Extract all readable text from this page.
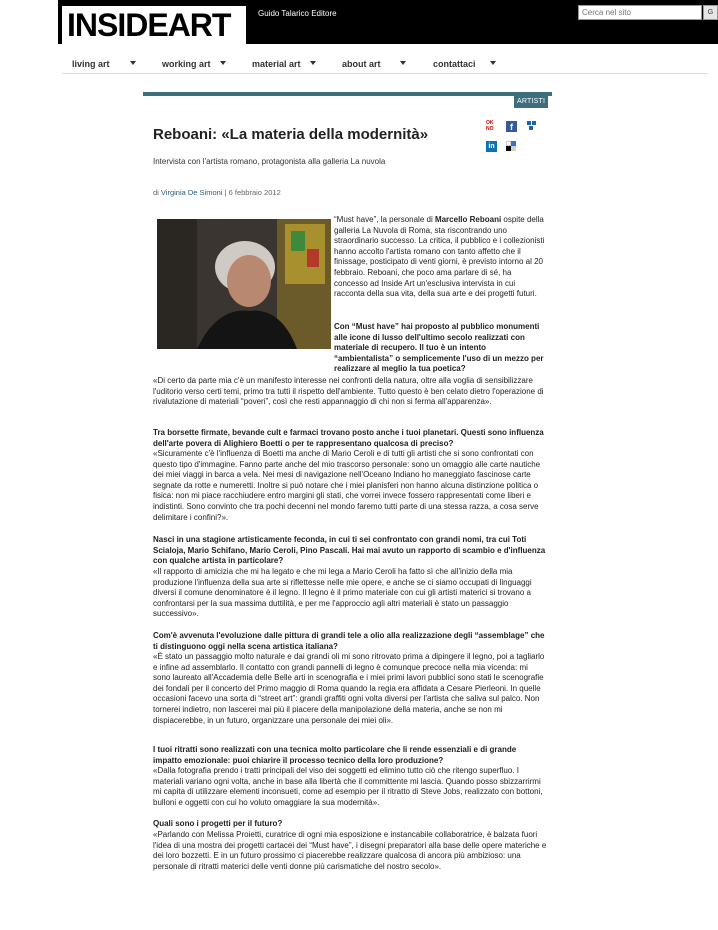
INSIDEART	Guido Talarico Editore
Cerca nel sito	G
living art	working art	material art	about art	contattaci
ARTISTI
Reboani: «La materia della modernità»
Intervista con l'artista romano, protagonista alla galleria La nuvola
di Virginia De Simoni | 6 febbraio 2012
OK NO	f
in
“Must have”, la personale di Marcello Reboani ospite della galleria La Nuvola di Roma, sta riscontrando uno straordinario successo. La critica, il pubblico e i collezionisti hanno accolto l'artista romano con tanto affetto che il finissage, posticipato di venti giorni, è previsto intorno al 20 febbraio. Reboani, che poco ama parlare di sé, ha concesso ad Inside Art un'esclusiva intervista in cui racconta della sua vita, della sua arte e dei progetti futuri.
Con “Must have” hai proposto al pubblico monumenti alle icone di lusso dell'ultimo secolo realizzati con materiale di recupero. Il tuo è un intento “ambientalista” o semplicemente l'uso di un mezzo per realizzare al meglio la tua poetica?
«Di certo da parte mia c'è un manifesto interesse nei confronti della natura, oltre alla voglia di sensibilizzare l'uditorio verso certi temi, primo tra tutti il rispetto dell'ambiente. Tutto questo è ben celato dietro l'operazione di rivalutazione di materiali “poveri”, così che resti appannaggio di chi non si ferma all'apparenza».
Tra borsette firmate, bevande cult e farmaci trovano posto anche i tuoi planetari. Questi sono influenza dell'arte povera di Alighiero Boetti o per te rappresentano qualcosa di preciso?
«Sicuramente c'è l'influenza di Boetti ma anche di Mario Ceroli e di tutti gli artisti che si sono confrontati con questo tipo d'immagine. Fanno parte anche del mio trascorso personale: sono un omaggio alle carte nautiche dei miei viaggi in barca a vela. Nei mesi di navigazione nell'Oceano Indiano ho maneggiato fascinose carte segnate da rotte e numeretti. Inoltre si può notare che i miei planisferi non hanno alcuna distinzione politica o fisica: non mi piace racchiudere entro margini gli stati, che vorrei invece fossero rappresentati come liberi e indistinti. Sono convinto che tra pochi decenni nel mondo faremo tutti parte di una stessa razza, a cosa serve delimitare i confini?».
Nasci in una stagione artisticamente feconda, in cui ti sei confrontato con grandi nomi, tra cui Toti Scialoja, Mario Schifano, Mario Ceroli, Pino Pascali. Hai mai avuto un rapporto di scambio e d'influenza con qualche artista in particolare?
«Il rapporto di amicizia che mi ha legato e che mi lega a Mario Ceroli ha fatto sì che all'inizio della mia produzione l'influenza della sua arte si riflettesse nelle mie opere, e anche se ci siamo occupati di linguaggi diversi il comune denominatore è il legno. Il legno è il primo materiale con cui gli artisti materici si trovano a confrontarsi per la sua massima duttilità, e per me l'approccio agli altri materiali è stato un passaggio successivo».
Com'è avvenuta l'evoluzione dalle pittura di grandi tele a olio alla realizzazione degli “assemblage” che ti distinguono oggi nella scena artistica italiana?
«È stato un passaggio molto naturale e dai grandi oli mi sono ritrovato prima a dipingere il legno, poi a tagliarlo e infine ad assemblarlo. Il contatto con grandi pannelli di legno è comunque precoce nella mia vicenda: mi sono laureato all'Accademia delle Belle arti in scenografia e i miei primi lavori pubblici sono stati le scenografie dei fondali per il concerto del Primo maggio di Roma quando la regia era affidata a Cesare Pierleoni. In quelle occasioni facevo una sorta di “street art”: grandi graffiti ogni volta diversi per l'artista che saliva sul palco. Non tornerei indietro, non lascerei mai più il piacere della manipolazione della materia, anche se non mi dispiacerebbe, in un futuro, organizzare una personale dei miei oli».
I tuoi ritratti sono realizzati con una tecnica molto particolare che li rende essenziali e di grande impatto emozionale: puoi chiarire il processo tecnico della loro produzione?
«Dalla fotografia prendo i tratti principali del viso dei soggetti ed elimino tutto ciò che ritengo superfluo. I materiali variano ogni volta, anche in base alla libertà che il committente mi lascia. Quando posso sbizzarrirmi mi capita di utilizzare elementi inconsueti, come ad esempio per il ritratto di Steve Jobs, realizzato con bottoni, bulloni e oggetti con cui ho voluto omaggiare la sua modernità».
Quali sono i progetti per il futuro?
«Parlando con Melissa Proietti, curatrice di ogni mia esposizione e instancabile collaboratrice, è balzata fuori l'idea di una mostra dei progetti cartacei dei “Must have”, i disegni preparatori alla base delle opere materiche e dei loro bozzetti. E in un futuro prossimo ci piacerebbe realizzare qualcosa di ancora più ambizioso: una personale di ritratti materici delle venti donne più carismatiche del nostro secolo».
